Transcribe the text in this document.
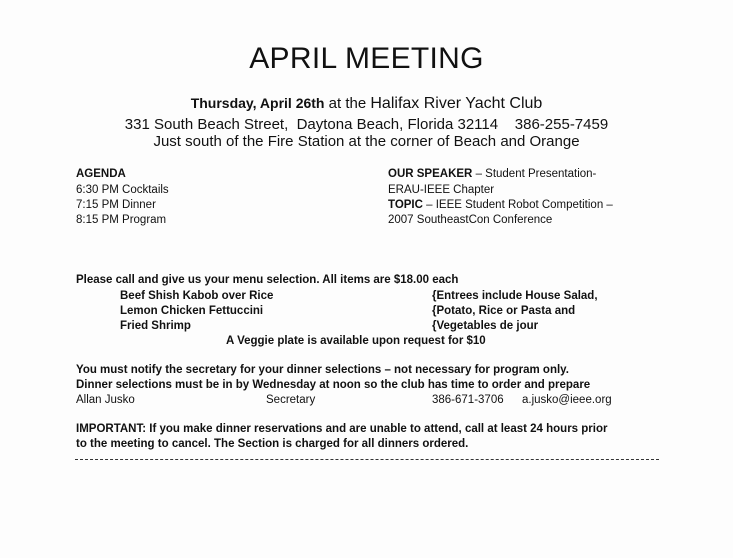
APRIL MEETING
Thursday, April 26th at the Halifax River Yacht Club
331 South Beach Street,  Daytona Beach, Florida 32114    386-255-7459
Just south of the Fire Station at the corner of Beach and Orange
AGENDA
6:30 PM Cocktails
7:15 PM Dinner
8:15 PM Program
OUR SPEAKER – Student Presentation-
ERAU-IEEE Chapter
TOPIC – IEEE Student Robot Competition –
2007 SoutheastCon Conference
Please call and give us your menu selection. All items are $18.00 each
Beef Shish Kabob over Rice
Lemon Chicken Fettuccini
Fried Shrimp
{Entrees include House Salad,
{Potato, Rice or Pasta and
{Vegetables de jour
A Veggie plate is available upon request for $10
You must notify the secretary for your dinner selections – not necessary for program only.
Dinner selections must be in by Wednesday at noon so the club has time to order and prepare
Allan Jusko	Secretary	386-671-3706 a.jusko@ieee.org
IMPORTANT: If you make dinner reservations and are unable to attend, call at least 24 hours prior
to the meeting to cancel. The Section is charged for all dinners ordered.
